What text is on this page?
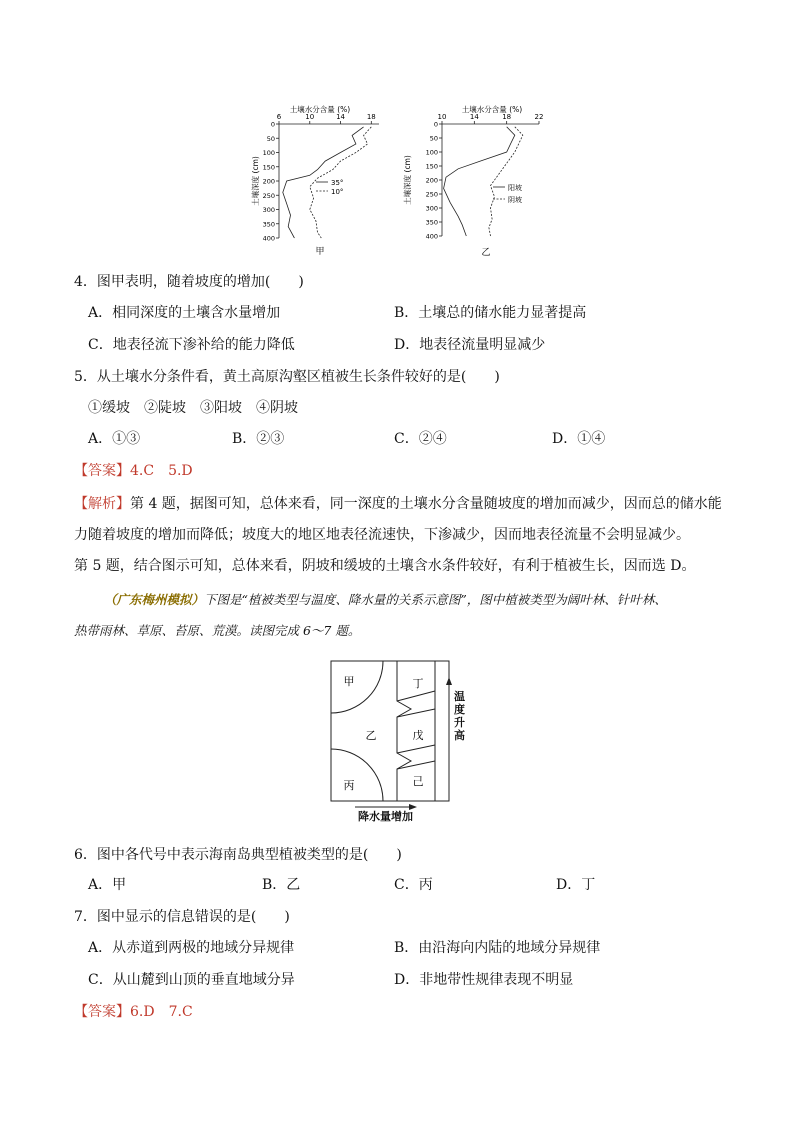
土壤水分含量 (%)
6	10	14	18
0
50
100
150
200
250
300
350
400
土壤深度 (cm)	35°
10°
甲
土壤水分含量 (%)
10	14	18	22
0
50
100
150
200
250
300
350
400
土壤深度 (cm)	阳坡
阴坡
乙
4．图甲表明，随着坡度的增加(　　)
A．相同深度的土壤含水量增加	B．土壤总的储水能力显著提高
C．地表径流下渗补给的能力降低	D．地表径流量明显减少
5．从土壤水分条件看，黄土高原沟壑区植被生长条件较好的是(　　)
①缓坡　②陡坡　③阳坡　④阴坡
A．①③	B．②③	C．②④	D．①④
【答案】4.C　5.D
【解析】第 4 题，据图可知，总体来看，同一深度的土壤水分含量随坡度的增加而减少，因而总的储水能
力随着坡度的增加而降低；坡度大的地区地表径流速快，下渗减少，因而地表径流量不会明显减少。
第 5 题，结合图示可知，总体来看，阴坡和缓坡的土壤含水条件较好，有利于植被生长，因而选 D。
（广东梅州模拟）下图是“植被类型与温度、降水量的关系示意图”，图中植被类型为阔叶林、针叶林、
热带雨林、草原、苔原、荒漠。读图完成 6～7 题。
甲
乙
丙
丁
戊
己
温度升高
降水量增加
6．图中各代号中表示海南岛典型植被类型的是(　　)
A．甲	B．乙	C．丙	D．丁
7．图中显示的信息错误的是(　　)
A．从赤道到两极的地域分异规律	B．由沿海向内陆的地域分异规律
C．从山麓到山顶的垂直地域分异	D．非地带性规律表现不明显
【答案】6.D　7.C
